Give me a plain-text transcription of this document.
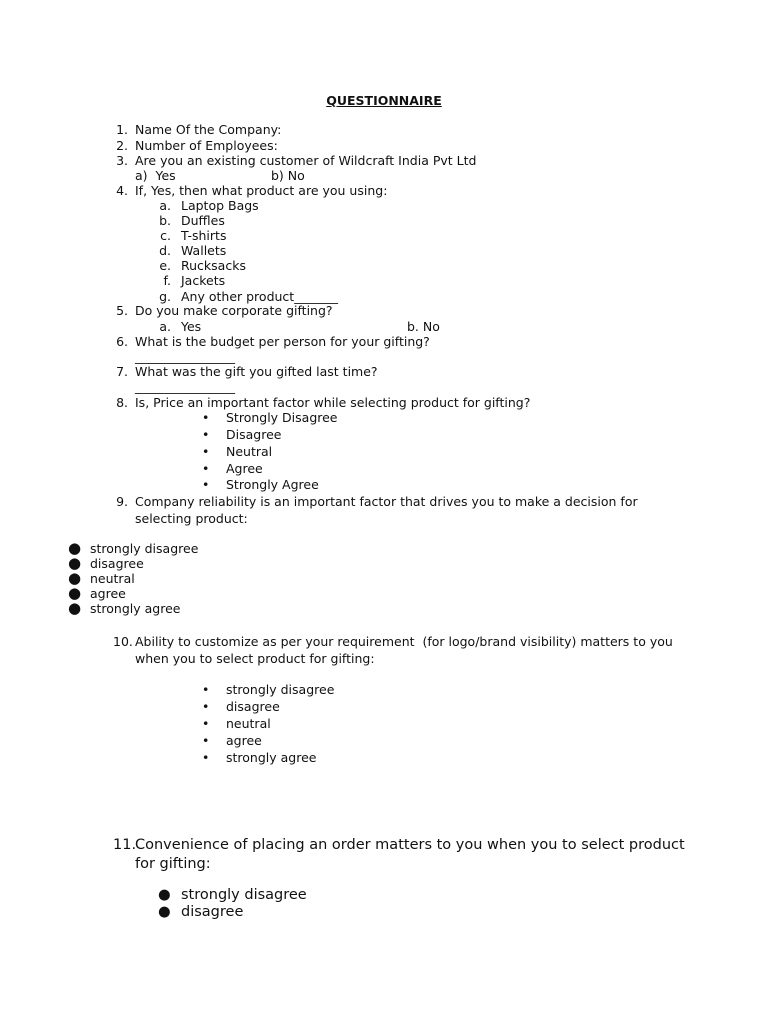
QUESTIONNAIRE
1. Name Of the Company:
2. Number of Employees:
3. Are you an existing customer of Wildcraft India Pvt Ltd
a)  Yes	b) No
4. If, Yes, then what product are you using:
a. Laptop Bags
b. Duffles
c. T-shirts
d. Wallets
e. Rucksacks
f. Jackets
g. Any other product_______
5. Do you make corporate gifting?
a. Yes	b. No
6. What is the budget per person for your gifting?
________________
7. What was the gift you gifted last time?
________________
8. Is, Price an important factor while selecting product for gifting?
• Strongly Disagree
• Disagree
• Neutral
• Agree
• Strongly Agree
9. Company reliability is an important factor that drives you to make a decision for
selecting product:
● strongly disagree
● disagree
● neutral
● agree
● strongly agree
10. Ability to customize as per your requirement  (for logo/brand visibility) matters to you
when you to select product for gifting:
• strongly disagree
• disagree
• neutral
• agree
• strongly agree
11.
Convenience of placing an order matters to you when you to select product
for gifting:
● strongly disagree
● disagree
